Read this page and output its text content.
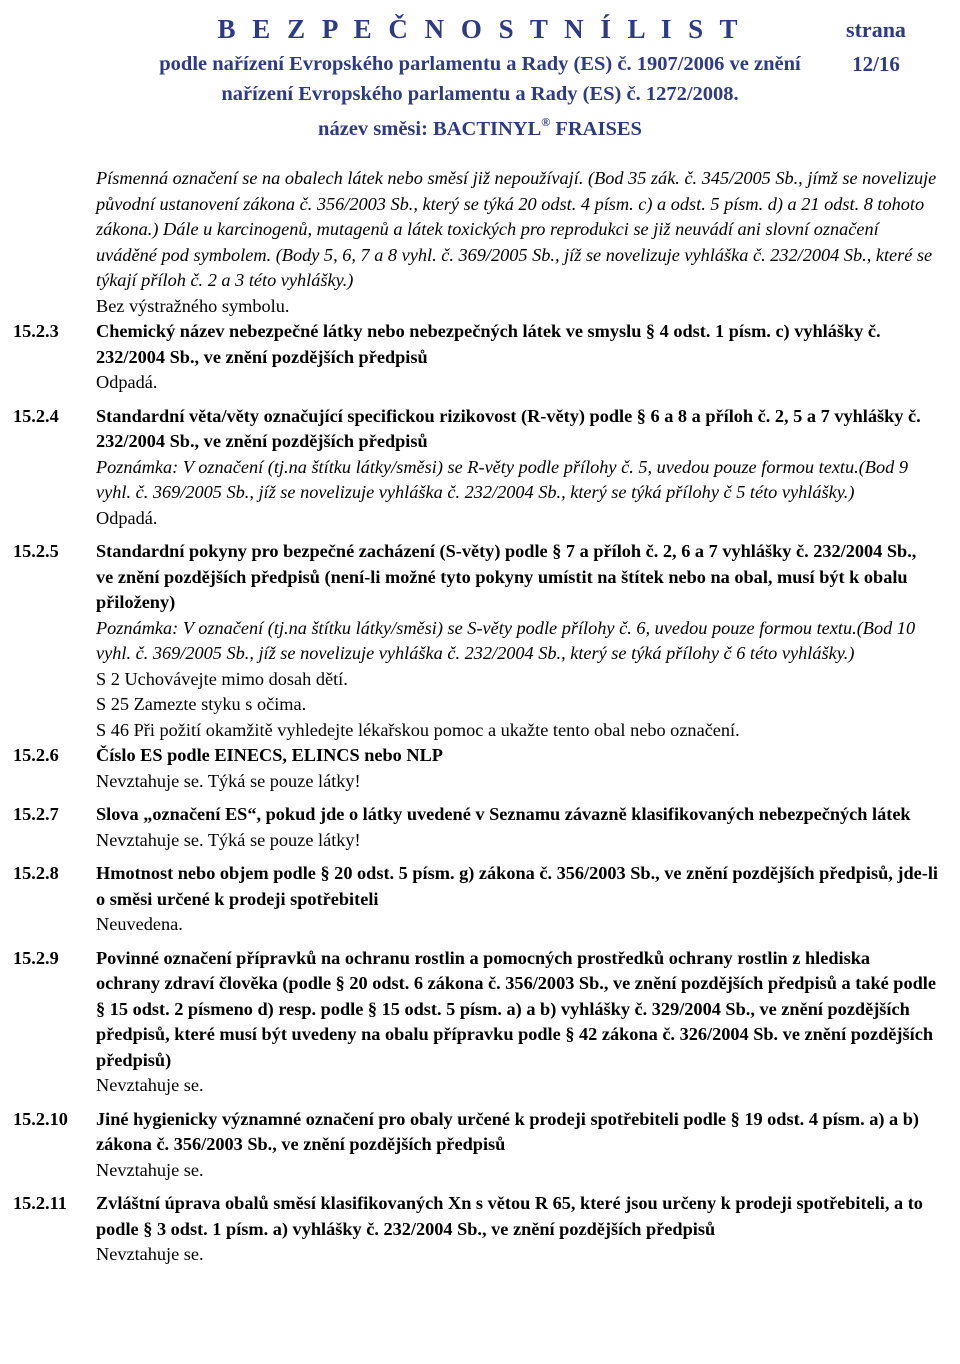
B E Z P E Č N O S T N Í L I S T	strana
podle nařízení Evropského parlamentu a Rady (ES) č. 1907/2006 ve znění	12/16
nařízení Evropského parlamentu a Rady (ES) č. 1272/2008.
název směsi: BACTINYL® FRAISES
Písmenná označení se na obalech látek nebo směsí již nepoužívají. (Bod 35 zák. č. 345/2005 Sb., jímž se novelizuje původní ustanovení zákona č. 356/2003 Sb., který se týká 20 odst. 4 písm. c) a odst. 5 písm. d) a 21 odst. 8 tohoto zákona.) Dále u karcinogenů, mutagenů a látek toxických pro reprodukci se již neuvádí ani slovní označení uváděné pod symbolem. (Body 5, 6, 7 a 8 vyhl. č. 369/2005 Sb., jíž se novelizuje vyhláška č. 232/2004 Sb., které se týkají příloh č. 2 a 3 této vyhlášky.)
Bez výstražného symbolu.
15.2.3 Chemický název nebezpečné látky nebo nebezpečných látek ve smyslu § 4 odst. 1 písm. c) vyhlášky č. 232/2004 Sb., ve znění pozdějších předpisů
Odpadá.
15.2.4 Standardní věta/věty označující specifickou rizikovost (R-věty) podle § 6 a 8 a příloh č. 2, 5 a 7 vyhlášky č. 232/2004 Sb., ve znění pozdějších předpisů
Poznámka: V označení (tj.na štítku látky/směsi) se R-věty podle přílohy č. 5, uvedou pouze formou textu.(Bod 9 vyhl. č. 369/2005 Sb., jíž se novelizuje vyhláška č. 232/2004 Sb., který se týká přílohy č 5 této vyhlášky.)
Odpadá.
15.2.5 Standardní pokyny pro bezpečné zacházení (S-věty) podle § 7 a příloh č. 2, 6 a 7 vyhlášky č. 232/2004 Sb., ve znění pozdějších předpisů (není-li možné tyto pokyny umístit na štítek nebo na obal, musí být k obalu přiloženy)
Poznámka: V označení (tj.na štítku látky/směsi) se S-věty podle přílohy č. 6, uvedou pouze formou textu.(Bod 10 vyhl. č. 369/2005 Sb., jíž se novelizuje vyhláška č. 232/2004 Sb., který se týká přílohy č 6 této vyhlášky.)
S 2 Uchovávejte mimo dosah dětí.
S 25 Zamezte styku s očima.
S 46 Při požití okamžitě vyhledejte lékařskou pomoc a ukažte tento obal nebo označení.
15.2.6 Číslo ES podle EINECS, ELINCS nebo NLP
Nevztahuje se. Týká se pouze látky!
15.2.7 Slova „označení ES“, pokud jde o látky uvedené v Seznamu závazně klasifikovaných nebezpečných látek
Nevztahuje se. Týká se pouze látky!
15.2.8 Hmotnost nebo objem podle § 20 odst. 5 písm. g) zákona č. 356/2003 Sb., ve znění pozdějších předpisů, jde-li o směsi určené k prodeji spotřebiteli
Neuvedena.
15.2.9 Povinné označení přípravků na ochranu rostlin a pomocných prostředků ochrany rostlin z hlediska ochrany zdraví člověka (podle § 20 odst. 6 zákona č. 356/2003 Sb., ve znění pozdějších předpisů a také podle § 15 odst. 2 písmeno d) resp. podle § 15 odst. 5 písm. a) a b) vyhlášky č. 329/2004 Sb., ve znění pozdějších předpisů, které musí být uvedeny na obalu přípravku podle § 42 zákona č. 326/2004 Sb. ve znění pozdějších předpisů)
Nevztahuje se.
15.2.10 Jiné hygienicky významné označení pro obaly určené k prodeji spotřebiteli podle § 19 odst. 4 písm. a) a b) zákona č. 356/2003 Sb., ve znění pozdějších předpisů
Nevztahuje se.
15.2.11 Zvláštní úprava obalů směsí klasifikovaných Xn s větou R 65, které jsou určeny k prodeji spotřebiteli, a to podle § 3 odst. 1 písm. a) vyhlášky č. 232/2004 Sb., ve znění pozdějších předpisů
Nevztahuje se.
